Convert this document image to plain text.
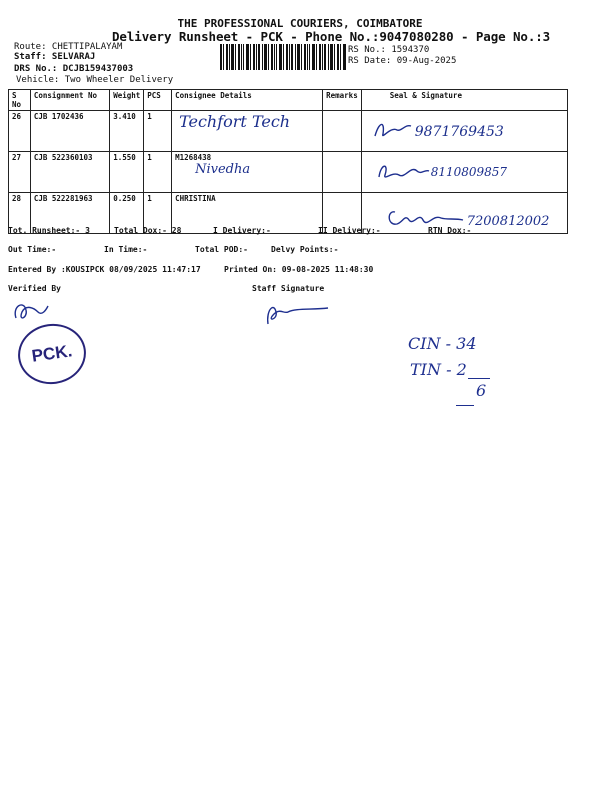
THE PROFESSIONAL COURIERS, COIMBATORE
Delivery Runsheet - PCK - Phone No.:9047080280 - Page No.:3
Route: CHETTIPALAYAM
Staff: SELVARAJ
DRS No.: DCJB159437003
Vehicle: Two Wheeler Delivery
RS No.: 1594370
RS Date: 09-Aug-2025
S No	Consignment No	Weight	PCS	Consignee Details	Remarks	Seal & Signature
26	CJB 1702436	3.410	1	Techfort Tech		9871769453

27	CJB 522360103	1.550	1	M1268438
Nivedha		8110809857

28	CJB 522281963	0.250	1	CHRISTINA		7200812002
Tot. Runsheet:- 3	Total Dox:- 28	I Delivery:-	II Delivery:-	RTN Dox:-
Out Time:-	In Time:-	Total POD:-	Delvy Points:-
Entered By :KOUSIPCK 08/09/2025 11:47:17	Printed On: 09-08-2025 11:48:30
Verified By	Staff Signature
PCK.	CIN - 34
TIN - 2
6
